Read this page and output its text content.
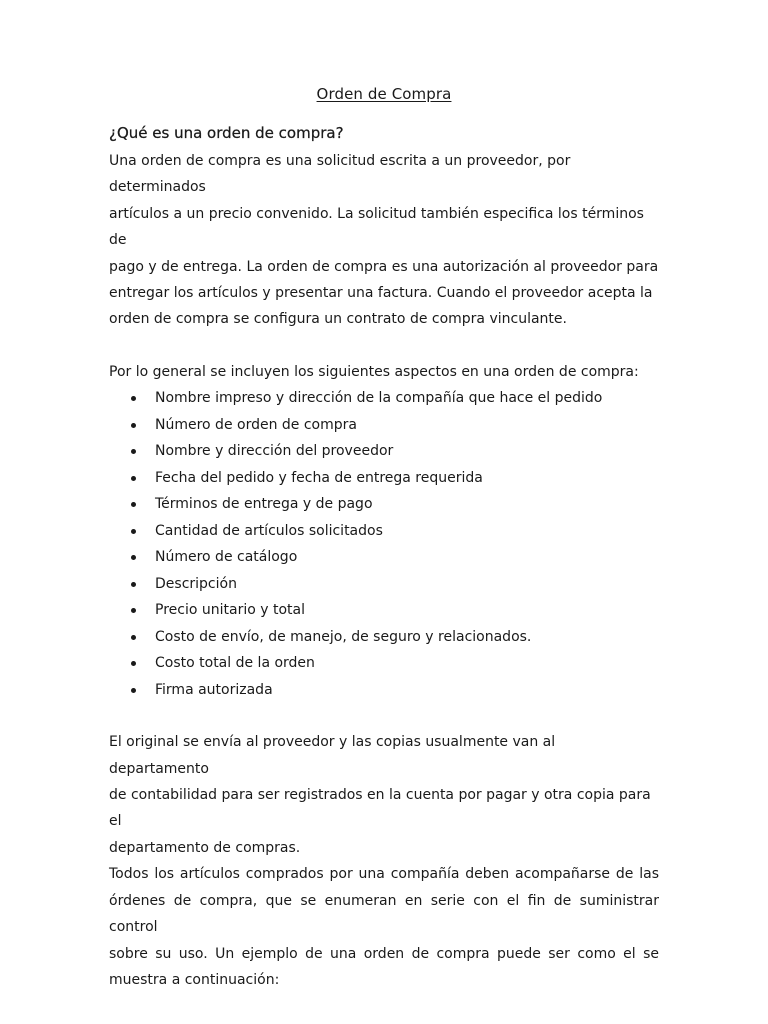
Orden de Compra
¿Qué es una orden de compra?

Una orden de compra es una solicitud escrita a un proveedor, por determinados

artículos a un precio convenido. La solicitud también especifica los términos de

pago y de entrega. La orden de compra es una autorización al proveedor para

entregar los artículos y presentar una factura. Cuando el proveedor acepta la

orden de compra se configura un contrato de compra vinculante.

Por lo general se incluyen los siguientes aspectos en una orden de compra:

Nombre impreso y dirección de la compañía que hace el pedido
Número de orden de compra
Nombre y dirección del proveedor
Fecha del pedido y fecha de entrega requerida
Términos de entrega y de pago
Cantidad de artículos solicitados
Número de catálogo
Descripción
Precio unitario y total
Costo de envío, de manejo, de seguro y relacionados.
Costo total de la orden
Firma autorizada

El original se envía al proveedor y las copias usualmente van al departamento

de contabilidad para ser registrados en la cuenta por pagar y otra copia para el

departamento de compras.

Todos los artículos comprados por una compañía deben acompañarse de las

órdenes de compra, que se enumeran en serie con el fin de suministrar control

sobre su uso. Un ejemplo de una orden de compra puede ser como el se

muestra a continuación:
